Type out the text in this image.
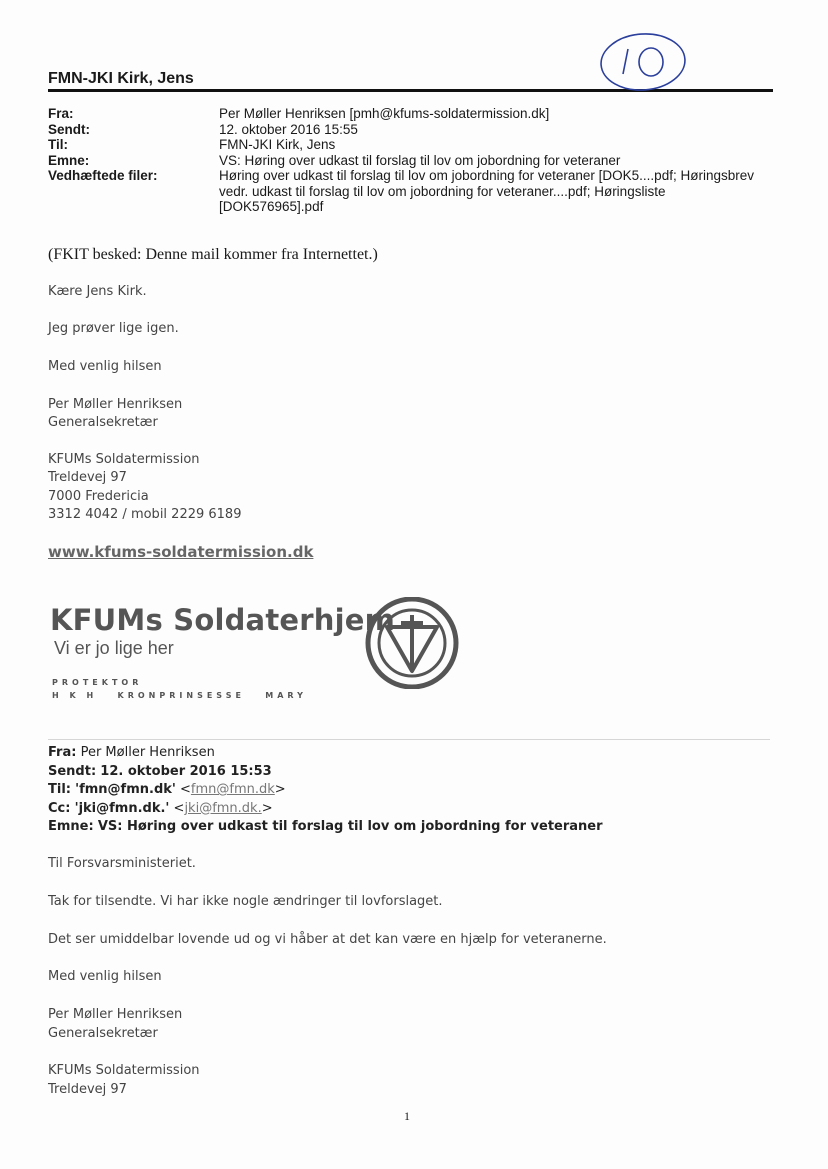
FMN-JKI Kirk, Jens
10
Fra:	Per Møller Henriksen [pmh@kfums-soldatermission.dk]
Sendt:	12. oktober 2016 15:55
Til:	FMN-JKI Kirk, Jens
Emne:	VS: Høring over udkast til forslag til lov om jobordning for veteraner
Vedhæftede filer:	Høring over udkast til forslag til lov om jobordning for veteraner [DOK5....pdf; Høringsbrev
vedr. udkast til forslag til lov om jobordning for veteraner....pdf; Høringsliste
[DOK576965].pdf
(FKIT besked: Denne mail kommer fra Internettet.)
Kære Jens Kirk.
Jeg prøver lige igen.
Med venlig hilsen
Per Møller Henriksen
Generalsekretær
KFUMs Soldatermission
Treldevej 97
7000 Fredericia
3312 4042 / mobil 2229 6189
www.kfums-soldatermission.dk
KFUMs Soldaterhjem
Vi er jo lige her
PROTEKTOR
H K H   KRONPRINSESSE   MARY
Fra: Per Møller Henriksen
Sendt: 12. oktober 2016 15:53
Til: 'fmn@fmn.dk' <fmn@fmn.dk>
Cc: 'jki@fmn.dk.' <jki@fmn.dk.>
Emne: VS: Høring over udkast til forslag til lov om jobordning for veteraner
Til Forsvarsministeriet.
Tak for tilsendte. Vi har ikke nogle ændringer til lovforslaget.
Det ser umiddelbar lovende ud og vi håber at det kan være en hjælp for veteranerne.
Med venlig hilsen
Per Møller Henriksen
Generalsekretær
KFUMs Soldatermission
Treldevej 97
1
